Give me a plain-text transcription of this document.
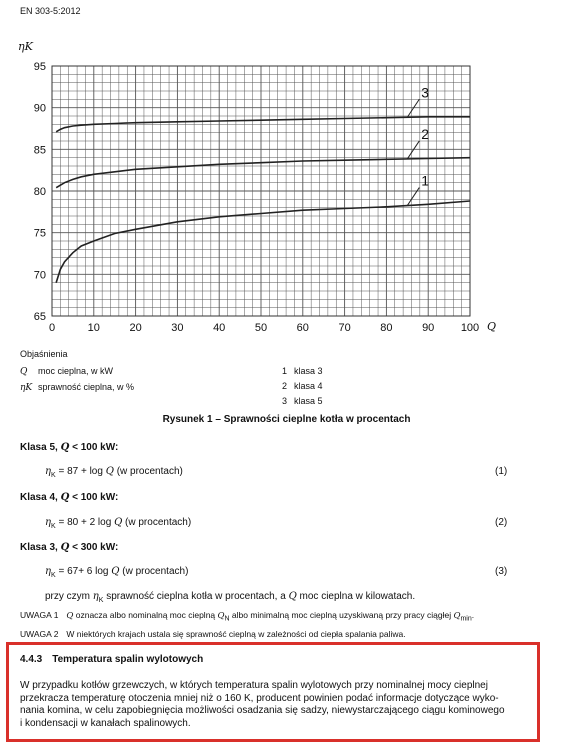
EN 303-5:2012
1
2
3
0	10	20	30	40	50	60	70	80	90 100
65
70
75
80
85
90
95
ηK
Q
Objaśnienia
Q moc cieplna, w kW
ηK sprawność cieplna, w %
1 klasa 3
2 klasa 4
3 klasa 5
Rysunek 1 – Sprawności cieplne kotła w procentach
Klasa 5, Q < 100 kW:
$\eta_K = 87 + \log Q$ (w procentach)	(1)
Klasa 4, Q < 100 kW:
$\eta_K = 80 + 2$ log Q (w procentach)	(2)
Klasa 3, Q < 300 kW:
$\eta_K = 67+ 6$ log Q (w procentach)	(3)
przy czym $\eta_K$ sprawność cieplna kotła w procentach, a Q moc cieplna w kilowatach.
UWAGA 1 Q oznacza albo nominalną moc cieplną $Q_N$ albo minimalną moc cieplną uzyskiwaną przy pracy ciągłej $Q_{min}$.
UWAGA 2 W niektórych krajach ustala się sprawność cieplną w zależności od ciepła spalania paliwa.
4.4.3 Temperatura spalin wylotowych
W przypadku kotłów grzewczych, w których temperatura spalin wylotowych przy nominalnej mocy cieplnej
przekracza temperaturę otoczenia mniej niż o 160 K, producent powinien podać informacje dotyczące wyko-
nania komina, w celu zapobiegnięcia możliwości osadzania się sadzy, niewystarczającego ciągu kominowego
i kondensacji w kanałach spalinowych.
